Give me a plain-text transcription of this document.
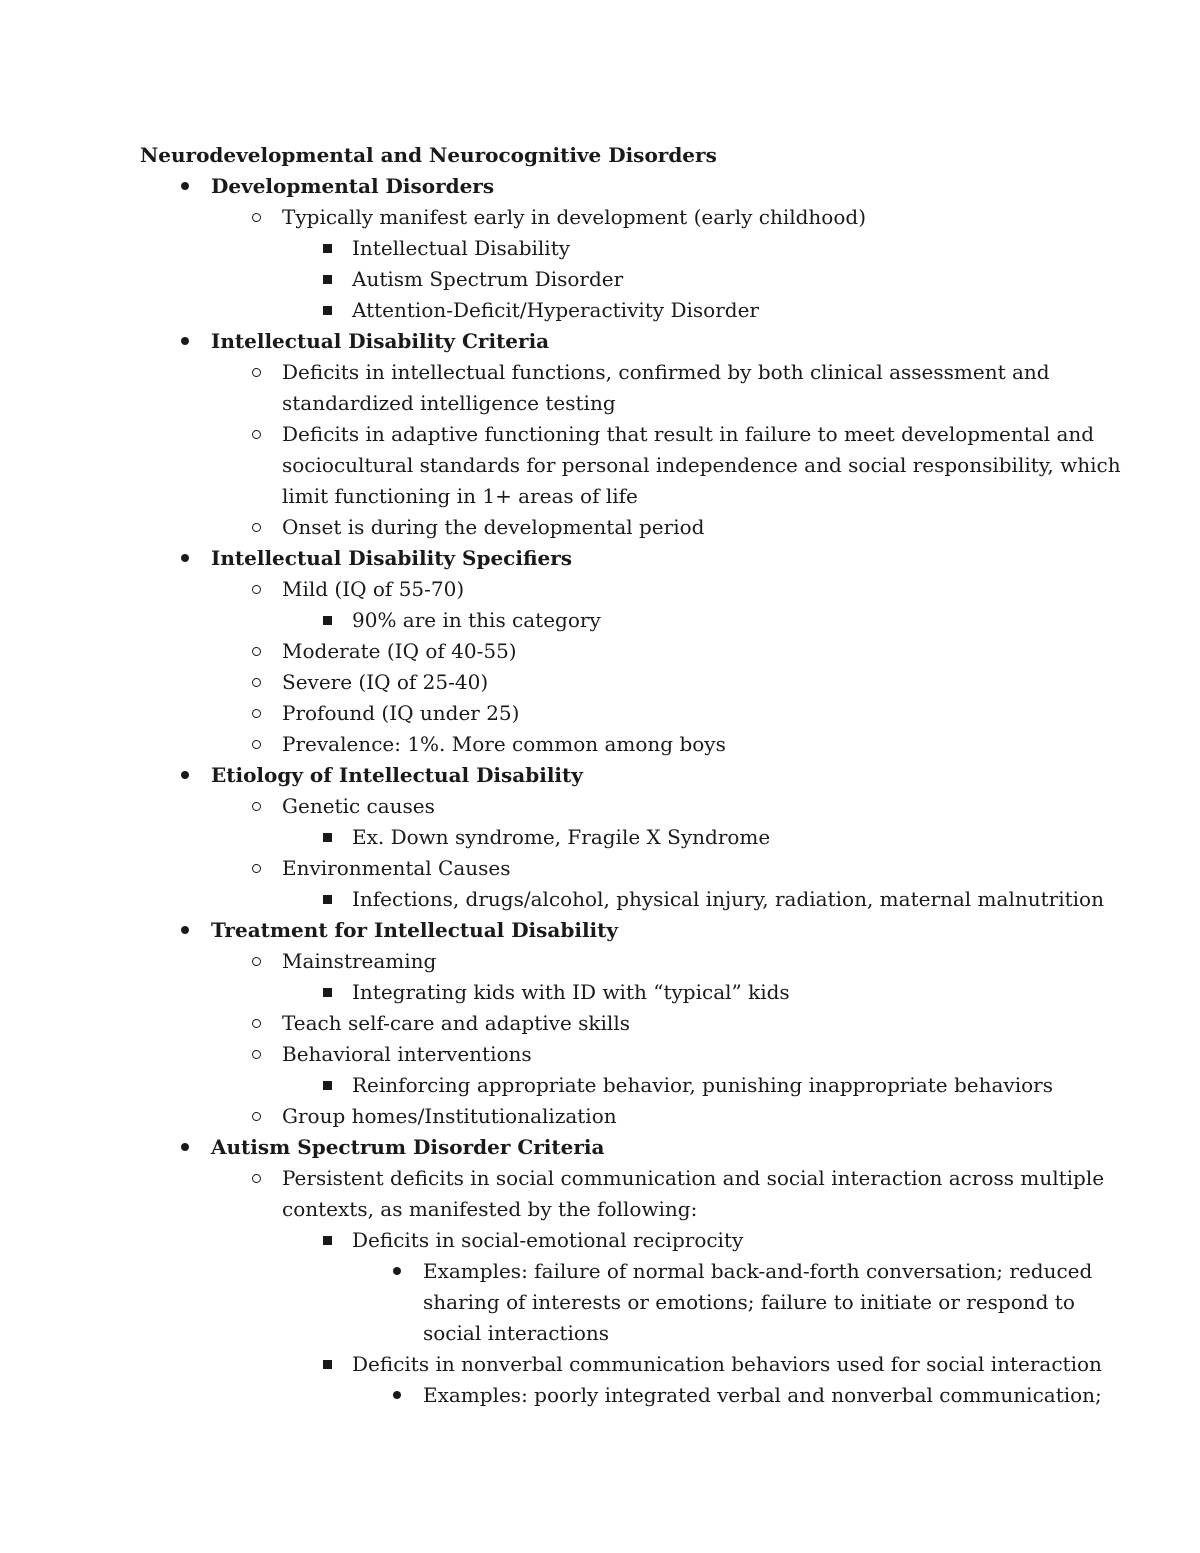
Neurodevelopmental and Neurocognitive Disorders
Developmental Disorders
Typically manifest early in development (early childhood)
Intellectual Disability
Autism Spectrum Disorder
Attention-Deficit/Hyperactivity Disorder
Intellectual Disability Criteria
Deficits in intellectual functions, confirmed by both clinical assessment and
standardized intelligence testing
Deficits in adaptive functioning that result in failure to meet developmental and
sociocultural standards for personal independence and social responsibility, which
limit functioning in 1+ areas of life
Onset is during the developmental period
Intellectual Disability Specifiers
Mild (IQ of 55-70)
90% are in this category
Moderate (IQ of 40-55)
Severe (IQ of 25-40)
Profound (IQ under 25)
Prevalence: 1%. More common among boys
Etiology of Intellectual Disability
Genetic causes
Ex. Down syndrome, Fragile X Syndrome
Environmental Causes
Infections, drugs/alcohol, physical injury, radiation, maternal malnutrition
Treatment for Intellectual Disability
Mainstreaming
Integrating kids with ID with “typical” kids
Teach self-care and adaptive skills
Behavioral interventions
Reinforcing appropriate behavior, punishing inappropriate behaviors
Group homes/Institutionalization
Autism Spectrum Disorder Criteria
Persistent deficits in social communication and social interaction across multiple
contexts, as manifested by the following:
Deficits in social-emotional reciprocity
Examples: failure of normal back-and-forth conversation; reduced
sharing of interests or emotions; failure to initiate or respond to
social interactions
Deficits in nonverbal communication behaviors used for social interaction
Examples: poorly integrated verbal and nonverbal communication;
